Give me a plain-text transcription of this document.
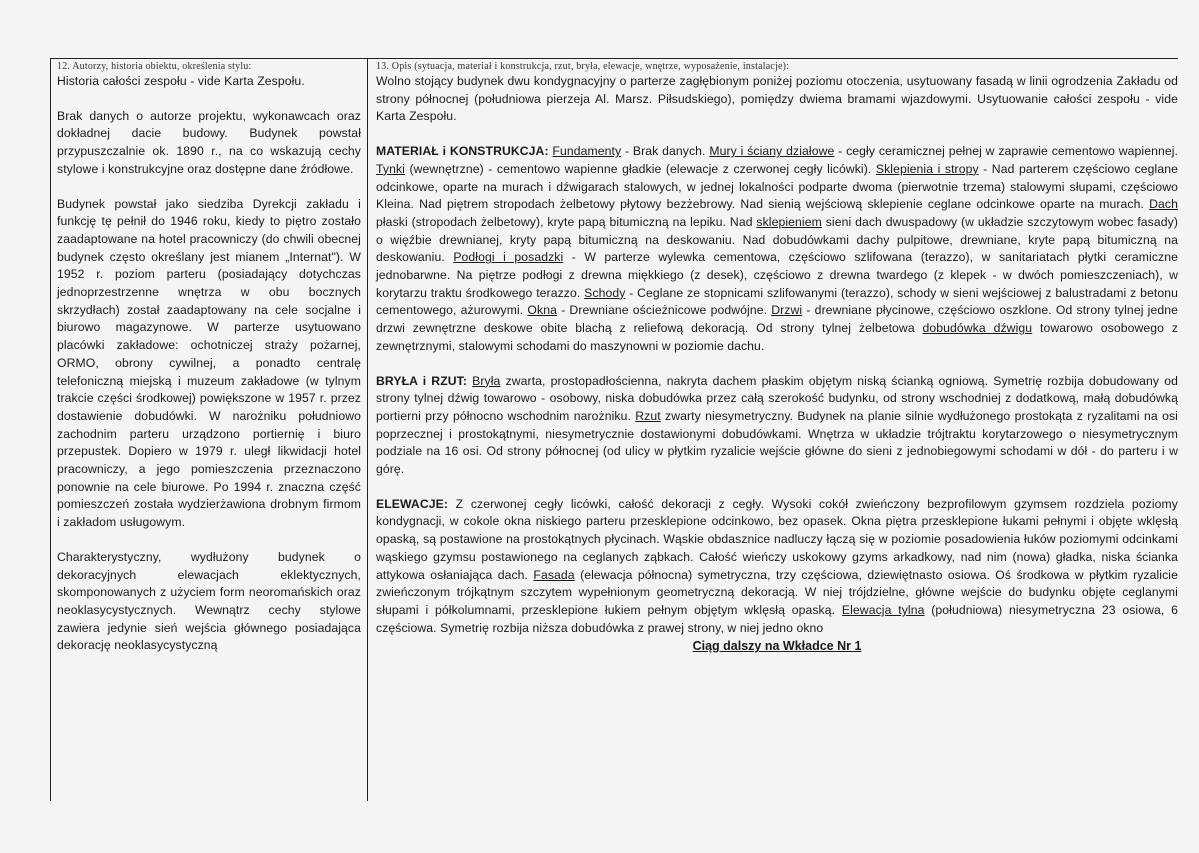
12. Autorzy, historia obiektu, określenia stylu:

Historia całości zespołu - vide Karta Zespołu.

Brak danych o autorze projektu, wykonawcach oraz dokładnej dacie budowy. Budynek powstał przypuszczalnie ok. 1890 r., na co wskazują cechy stylowe i konstrukcyjne oraz dostępne dane źródłowe.

Budynek powstał jako siedziba Dyrekcji zakładu i funkcję tę pełnił do 1946 roku, kiedy to piętro zostało zaadaptowane na hotel pracowniczy (do chwili obecnej budynek często określany jest mianem „Internat"). W 1952 r. poziom parteru (posiadający dotychczas jednoprzestrzenne wnętrza w obu bocznych skrzydłach) został zaadaptowany na cele socjalne i biurowo magazynowe. W parterze usytuowano placówki zakładowe: ochotniczej straży pożarnej, ORMO, obrony cywilnej, a ponadto centralę telefoniczną miejską i muzeum zakładowe (w tylnym trakcie części środkowej) powiększone w 1957 r. przez dostawienie dobudówki. W narożniku południowo zachodnim parteru urządzono portiernię i biuro przepustek. Dopiero w 1979 r. uległ likwidacji hotel pracowniczy, a jego pomieszczenia przeznaczono ponownie na cele biurowe. Po 1994 r. znaczna część pomieszczeń została wydzierżawiona drobnym firmom i zakładom usługowym.

Charakterystyczny, wydłużony budynek o dekoracyjnych elewacjach eklektycznych, skomponowanych z użyciem form neoromańskich oraz neoklasycystycznych. Wewnątrz cechy stylowe zawiera jedynie sień wejścia głównego posiadająca dekorację neoklasycystyczną

13. Opis (sytuacja, materiał i konstrukcja, rzut, bryła, elewacje, wnętrze, wyposażenie, instalacje):

Wolno stojący budynek dwu kondygnacyjny o parterze zagłębionym poniżej poziomu otoczenia, usytuowany fasadą w linii ogrodzenia Zakładu od strony północnej (południowa pierzeja Al. Marsz. Piłsudskiego), pomiędzy dwiema bramami wjazdowymi. Usytuowanie całości zespołu - vide Karta Zespołu.

MATERIAŁ i KONSTRUKCJA: Fundamenty - Brak danych. Mury i ściany działowe - cegły ceramicznej pełnej w zaprawie cementowo wapiennej. Tynki (wewnętrzne) - cementowo wapienne gładkie (elewacje z czerwonej cegły licówki). Sklepienia i stropy - Nad parterem częściowo ceglane odcinkowe, oparte na murach i dźwigarach stalowych, w jednej lokalności podparte dwoma (pierwotnie trzema) stalowymi słupami, częściowo Kleina. Nad piętrem stropodach żelbetowy płytowy bezżebrowy. Nad sienią wejściową sklepienie ceglane odcinkowe oparte na murach. Dach płaski (stropodach żelbetowy), kryte papą bitumiczną na lepiku. Nad sklepieniem sieni dach dwuspadowy (w układzie szczytowym wobec fasady) o więźbie drewnianej, kryty papą bitumiczną na deskowaniu. Nad dobudówkami dachy pulpitowe, drewniane, kryte papą bitumiczną na deskowaniu. Podłogi i posadzki - W parterze wylewka cementowa, częściowo szlifowana (terazzo), w sanitariatach płytki ceramiczne jednobarwne. Na piętrze podłogi z drewna miękkiego (z desek), częściowo z drewna twardego (z klepek - w dwóch pomieszczeniach), w korytarzu traktu środkowego terazzo. Schody - Ceglane ze stopnicami szlifowanymi (terazzo), schody w sieni wejściowej z balustradami z betonu cementowego, ażurowymi. Okna - Drewniane ościeżnicowe podwójne. Drzwi - drewniane płycinowe, częściowo oszklone. Od strony tylnej jedne drzwi zewnętrzne deskowe obite blachą z reliefową dekoracją. Od strony tylnej żelbetowa dobudówka dźwigu towarowo osobowego z zewnętrznymi, stalowymi schodami do maszynowni w poziomie dachu.

BRYŁA i RZUT: Bryła zwarta, prostopadłościenna, nakryta dachem płaskim objętym niską ścianką ogniową. Symetrię rozbija dobudowany od strony tylnej dźwig towarowo - osobowy, niska dobudówka przez całą szerokość budynku, od strony wschodniej z dodatkową, małą dobudówką portierni przy północno wschodnim narożniku. Rzut zwarty niesymetryczny. Budynek na planie silnie wydłużonego prostokąta z ryzalitami na osi poprzecznej i prostokątnymi, niesymetrycznie dostawionymi dobudówkami. Wnętrza w układzie trójtraktu korytarzowego o niesymetrycznym podziale na 16 osi. Od strony północnej (od ulicy w płytkim ryzalicie wejście główne do sieni z jednobiegowymi schodami w dół - do parteru i w górę.

ELEWACJE: Z czerwonej cegły licówki, całość dekoracji z cegły. Wysoki cokół zwieńczony bezprofilowym gzymsem rozdziela poziomy kondygnacji, w cokole okna niskiego parteru przesklepione odcinkowo, bez opasek. Okna piętra przesklepione łukami pełnymi i objęte wklęsłą opaską, są postawione na prostokątnych płycinach. Wąskie obdasznice nadluczy łączą się w poziomie posadowienia łuków poziomymi odcinkami wąskiego gzymsu postawionego na ceglanych ząbkach. Całość wieńczy uskokowy gzyms arkadkowy, nad nim (nowa) gładka, niska ścianka attykowa osłaniająca dach. Fasada (elewacja północna) symetryczna, trzy częściowa, dziewiętnasto osiowa. Oś środkowa w płytkim ryzalicie zwieńczonym trójkątnym szczytem wypełnionym geometryczną dekoracją. W niej trójdzielne, główne wejście do budynku objęte ceglanymi słupami i półkolumnami, przesklepione łukiem pełnym objętym wklęsłą opaską. Elewacja tylna (południowa) niesymetryczna 23 osiowa, 6 częściowa. Symetrię rozbija niższa dobudówka z prawej strony, w niej jedno okno

Ciąg dalszy na Wkładce Nr 1
